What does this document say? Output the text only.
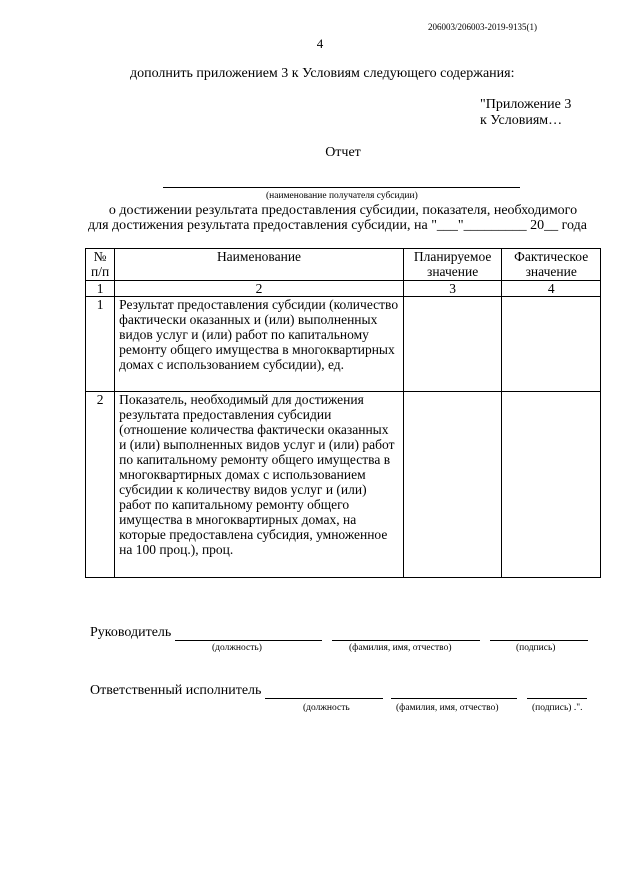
206003/206003-2019-9135(1)
4
дополнить приложением 3 к Условиям следующего содержания:
"Приложение 3
к Условиям…
Отчет
(наименование получателя субсидии)
о достижении результата предоставления субсидии, показателя, необходимого
для достижения результата предоставления субсидии, на "___"_________ 20__ года
№ п/п	Наименование	Планируемое значение	Фактическое значение
1	2	3	4
1	Результат предоставления субсидии (количество фактически оказанных и (или) выполненных видов услуг и (или) работ по капитальному ремонту общего имущества в многоквартирных домах с использованием субсидии), ед.		
2	Показатель, необходимый для достижения результата предоставления субсидии (отношение количества фактически оказанных и (или) выполненных видов услуг и (или) работ по капитальному ремонту общего имущества в многоквартирных домах с использованием субсидии к количеству видов услуг и (или) работ по капитальному ремонту общего имущества в многоквартирных домах, на которые предоставлена субсидия, умноженное на 100 проц.), проц.		
Руководитель
(должность)	(фамилия, имя, отчество)	(подпись)
Ответственный исполнитель
(должность	(фамилия, имя, отчество)	(подпись) .".
